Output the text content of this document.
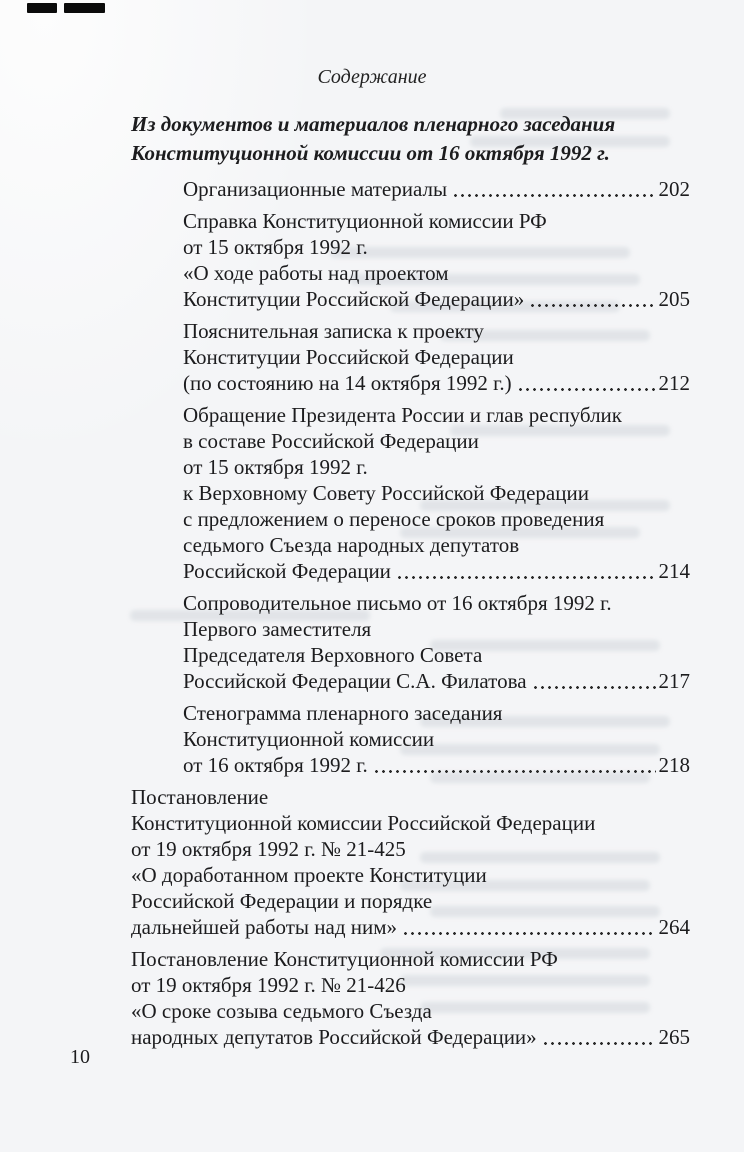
Содержание
Из документов и материалов пленарного заседания
Конституционной комиссии от 16 октября 1992 г.
Организационные материалы	202
Справка Конституционной комиссии РФ
от 15 октября 1992 г.
«О ходе работы над проектом
Конституции Российской Федерации»	205
Пояснительная записка к проекту
Конституции Российской Федерации
(по состоянию на 14 октября 1992 г.)	212
Обращение Президента России и глав республик
в составе Российской Федерации
от 15 октября 1992 г.
к Верховному Совету Российской Федерации
с предложением о переносе сроков проведения
седьмого Съезда народных депутатов
Российской Федерации	214
Сопроводительное письмо от 16 октября 1992 г.
Первого заместителя
Председателя Верховного Совета
Российской Федерации С.А. Филатова	217
Стенограмма пленарного заседания
Конституционной комиссии
от 16 октября 1992 г.	218
Постановление
Конституционной комиссии Российской Федерации
от 19 октября 1992 г. № 21-425
«О доработанном проекте Конституции
Российской Федерации и порядке
дальнейшей работы над ним»	264
Постановление Конституционной комиссии РФ
от 19 октября 1992 г. № 21-426
«О сроке созыва седьмого Съезда
народных депутатов Российской Федерации»	265
10
